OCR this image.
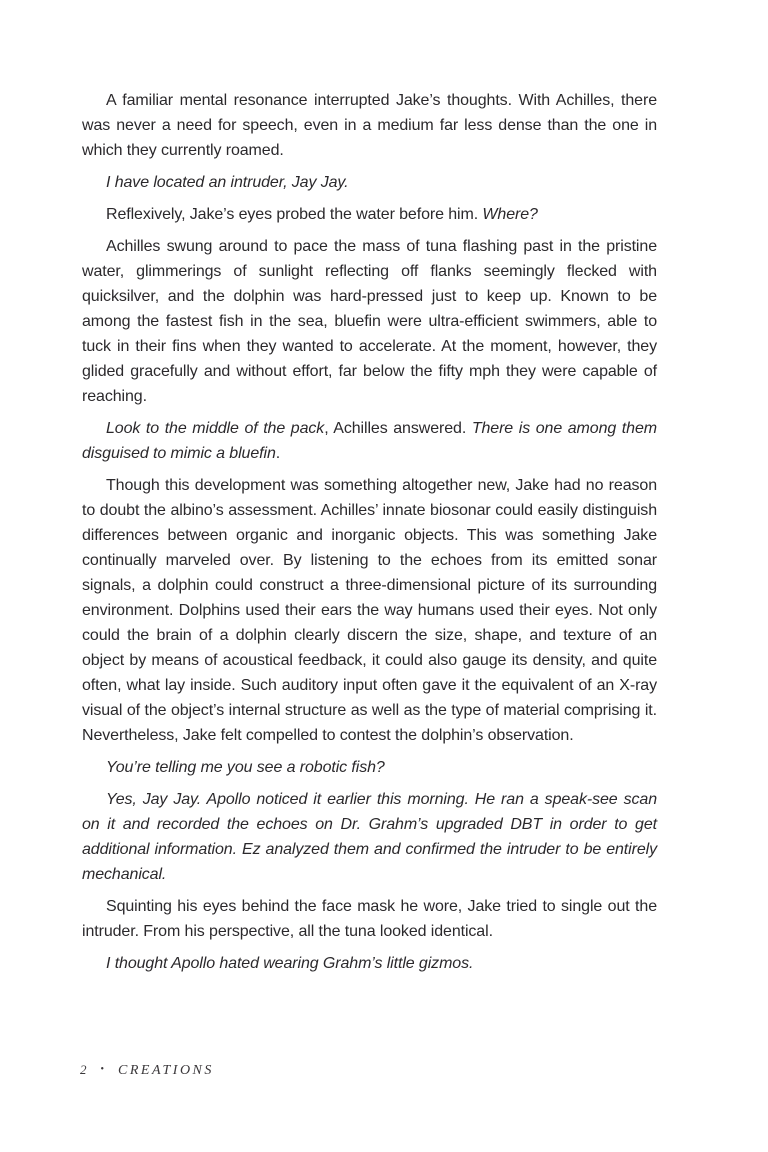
A familiar mental resonance interrupted Jake’s thoughts. With Achilles, there was never a need for speech, even in a medium far less dense than the one in which they currently roamed.

I have located an intruder, Jay Jay.

Reflexively, Jake’s eyes probed the water before him. Where?

Achilles swung around to pace the mass of tuna flashing past in the pristine water, glimmerings of sunlight reflecting off flanks seemingly flecked with quicksilver, and the dolphin was hard-pressed just to keep up. Known to be among the fastest fish in the sea, bluefin were ultra-efficient swimmers, able to tuck in their fins when they wanted to accelerate. At the moment, however, they glided gracefully and without effort, far below the fifty mph they were capable of reaching.

Look to the middle of the pack, Achilles answered. There is one among them disguised to mimic a bluefin.

Though this development was something altogether new, Jake had no reason to doubt the albino’s assessment. Achilles’ innate biosonar could easily distinguish differences between organic and inorganic objects. This was something Jake continually marveled over. By listening to the echoes from its emitted sonar signals, a dolphin could construct a three-dimensional picture of its surrounding environment. Dolphins used their ears the way humans used their eyes. Not only could the brain of a dolphin clearly discern the size, shape, and texture of an object by means of acoustical feedback, it could also gauge its density, and quite often, what lay inside. Such auditory input often gave it the equivalent of an X-ray visual of the object’s internal structure as well as the type of material comprising it. Nevertheless, Jake felt compelled to contest the dolphin’s observation.

You’re telling me you see a robotic fish?

Yes, Jay Jay. Apollo noticed it earlier this morning. He ran a speak-see scan on it and recorded the echoes on Dr. Grahm’s upgraded DBT in order to get additional information. Ez analyzed them and confirmed the intruder to be entirely mechanical.

Squinting his eyes behind the face mask he wore, Jake tried to single out the intruder. From his perspective, all the tuna looked identical.

I thought Apollo hated wearing Grahm’s little gizmos.

2 • CREATIONS
